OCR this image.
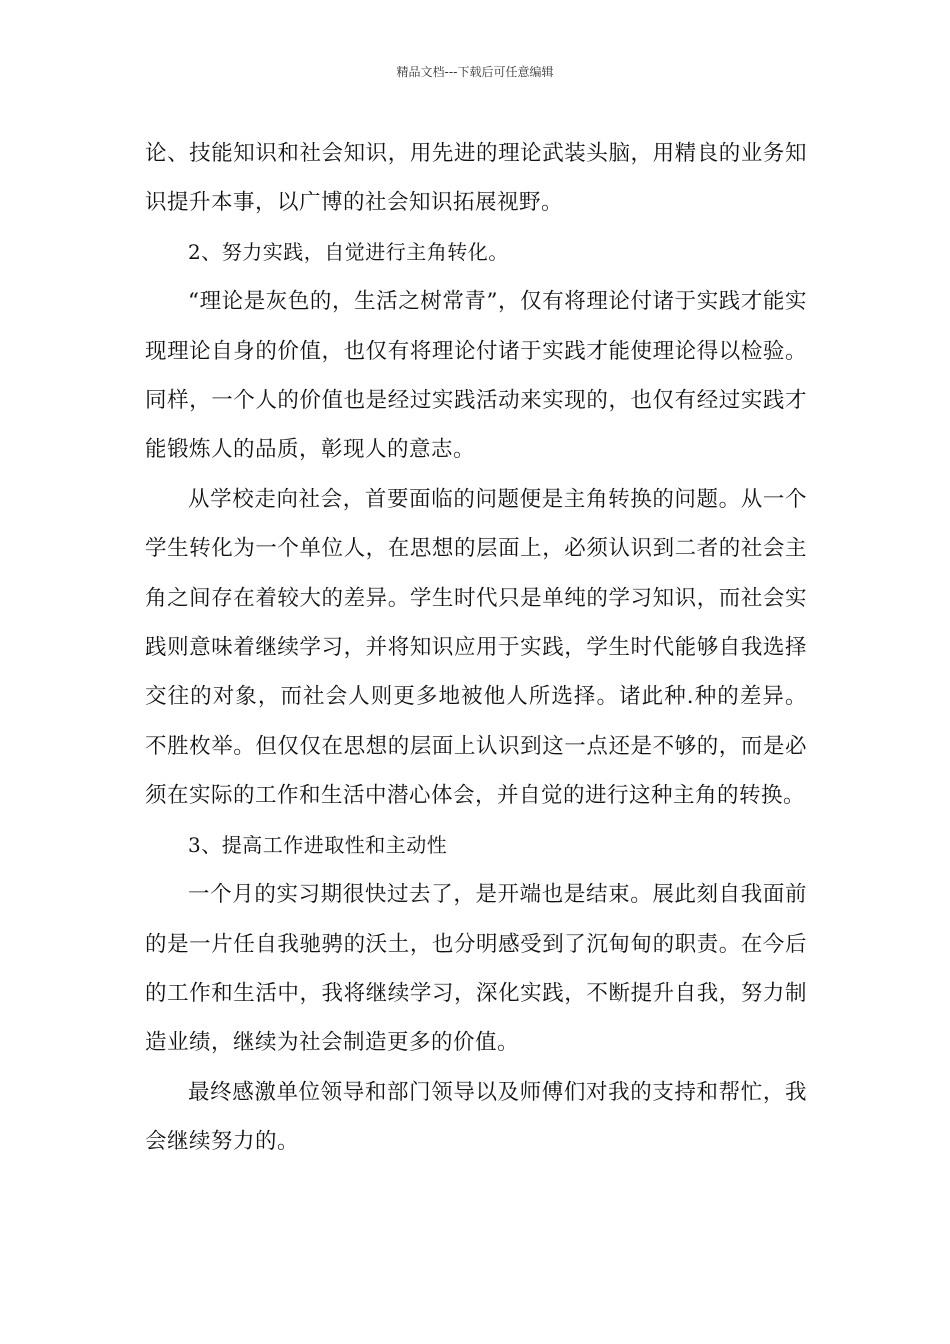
精品文档---下载后可任意编辑

论、技能知识和社会知识，用先进的理论武装头脑，用精良的业务知识提升本事，以广博的社会知识拓展视野。

2、努力实践，自觉进行主角转化。

“理论是灰色的，生活之树常青”，仅有将理论付诸于实践才能实现理论自身的价值，也仅有将理论付诸于实践才能使理论得以检验。同样，一个人的价值也是经过实践活动来实现的，也仅有经过实践才能锻炼人的品质，彰现人的意志。

从学校走向社会，首要面临的问题便是主角转换的问题。从一个学生转化为一个单位人，在思想的层面上，必须认识到二者的社会主角之间存在着较大的差异。学生时代只是单纯的学习知识，而社会实践则意味着继续学习，并将知识应用于实践，学生时代能够自我选择交往的对象，而社会人则更多地被他人所选择。诸此种.种的差异。不胜枚举。但仅仅在思想的层面上认识到这一点还是不够的，而是必须在实际的工作和生活中潜心体会，并自觉的进行这种主角的转换。

3、提高工作进取性和主动性

一个月的实习期很快过去了，是开端也是结束。展此刻自我面前的是一片任自我驰骋的沃土，也分明感受到了沉甸甸的职责。在今后的工作和生活中，我将继续学习，深化实践，不断提升自我，努力制造业绩，继续为社会制造更多的价值。

最终感激单位领导和部门领导以及师傅们对我的支持和帮忙，我会继续努力的。
